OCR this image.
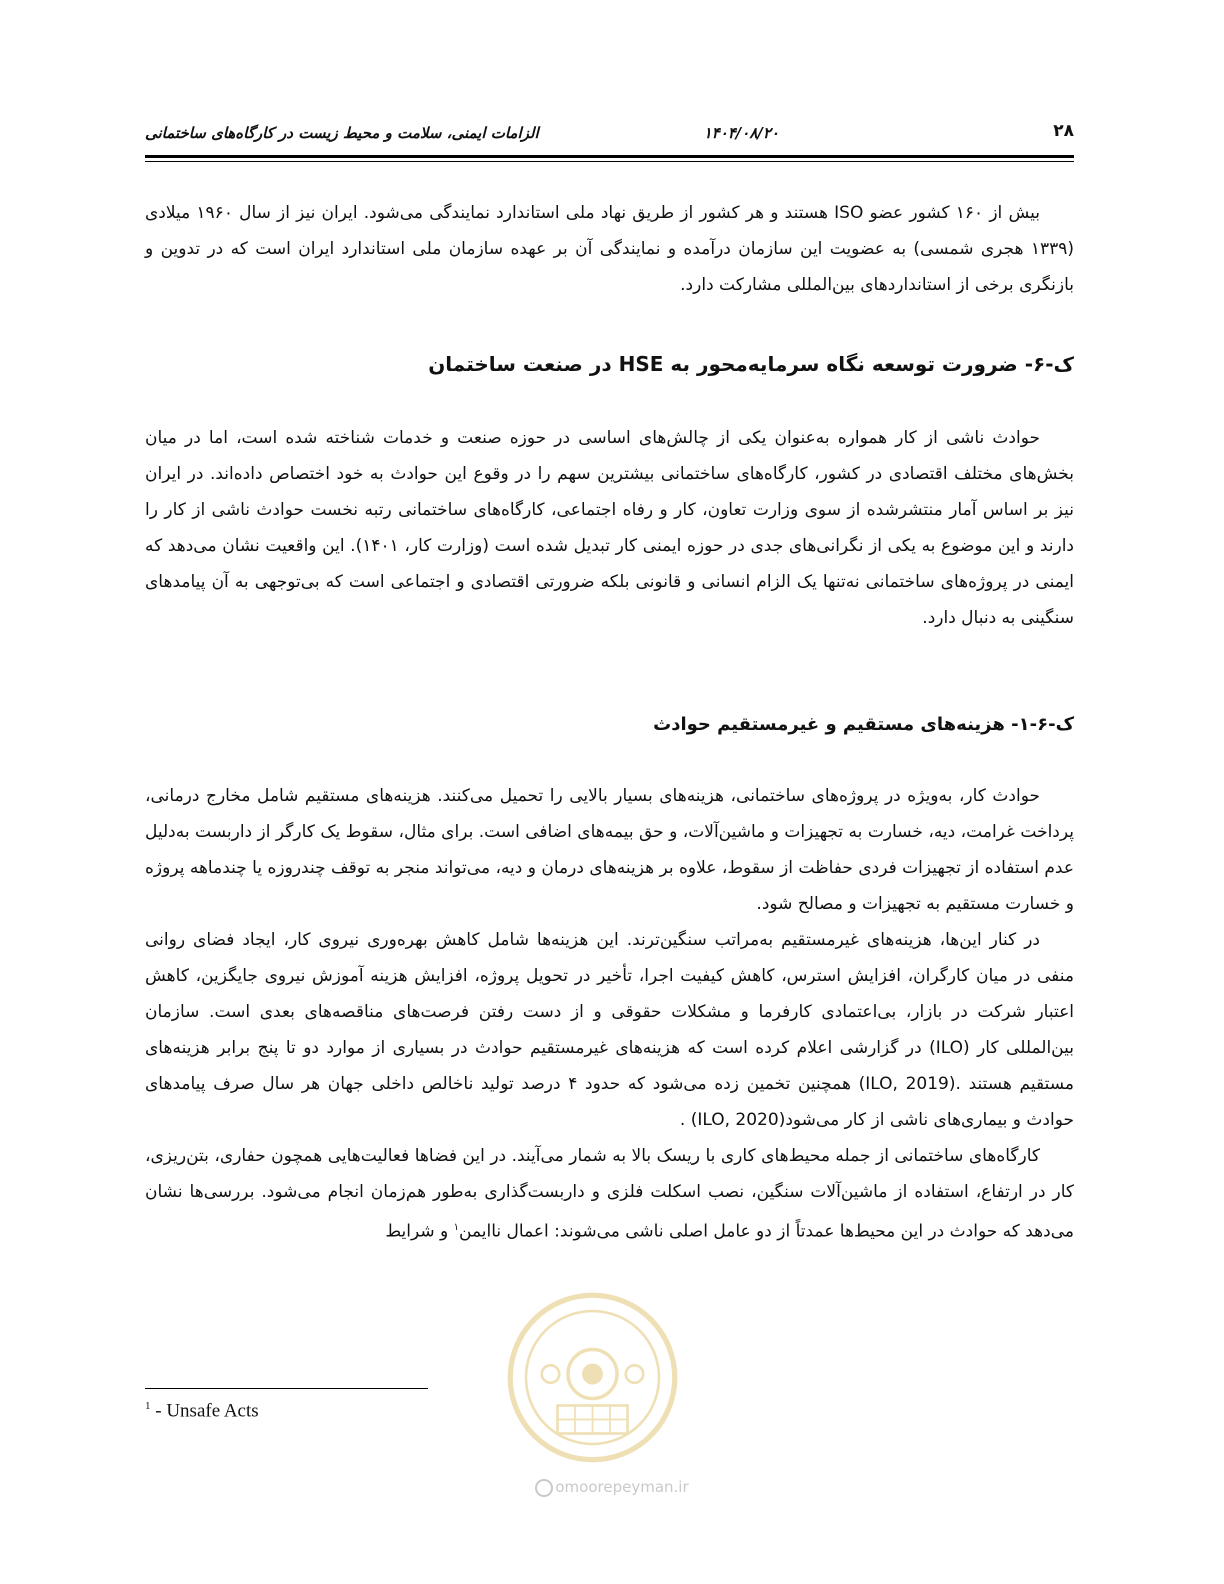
۲۸
۱۴۰۴/۰۸/۲۰
الزامات ایمنی، سلامت و محیط زیست در کارگاه‌های ساختمانی

بیش از ۱۶۰ کشور عضو ISO هستند و هر کشور از طریق نهاد ملی استاندارد نمایندگی می‌شود. ایران نیز از سال ۱۹۶۰ میلادی (۱۳۳۹ هجری شمسی) به عضویت این سازمان درآمده و نمایندگی آن بر عهده سازمان ملی استاندارد ایران است که در تدوین و بازنگری برخی از استانداردهای بین‌المللی مشارکت دارد.

ک-۶- ضرورت توسعه نگاه سرمایه‌محور به HSE در صنعت ساختمان

حوادث ناشی از کار همواره به‌عنوان یکی از چالش‌های اساسی در حوزه صنعت و خدمات شناخته شده است، اما در میان بخش‌های مختلف اقتصادی در کشور، کارگاه‌های ساختمانی بیشترین سهم را در وقوع این حوادث به خود اختصاص داده‌اند. در ایران نیز بر اساس آمار منتشرشده از سوی وزارت تعاون، کار و رفاه اجتماعی، کارگاه‌های ساختمانی رتبه نخست حوادث ناشی از کار را دارند و این موضوع به یکی از نگرانی‌های جدی در حوزه ایمنی کار تبدیل شده است (وزارت کار، ۱۴۰۱). این واقعیت نشان می‌دهد که ایمنی در پروژه‌های ساختمانی نه‌تنها یک الزام انسانی و قانونی بلکه ضرورتی اقتصادی و اجتماعی است که بی‌توجهی به آن پیامدهای سنگینی به دنبال دارد.

ک-۶-۱- هزینه‌های مستقیم و غیرمستقیم حوادث

حوادث کار، به‌ویژه در پروژه‌های ساختمانی، هزینه‌های بسیار بالایی را تحمیل می‌کنند. هزینه‌های مستقیم شامل مخارج درمانی، پرداخت غرامت، دیه، خسارت به تجهیزات و ماشین‌آلات، و حق بیمه‌های اضافی است. برای مثال، سقوط یک کارگر از داربست به‌دلیل عدم استفاده از تجهیزات فردی حفاظت از سقوط، علاوه بر هزینه‌های درمان و دیه، می‌تواند منجر به توقف چندروزه یا چندماهه پروژه و خسارت مستقیم به تجهیزات و مصالح شود.

در کنار این‌ها، هزینه‌های غیرمستقیم به‌مراتب سنگین‌ترند. این هزینه‌ها شامل کاهش بهره‌وری نیروی کار، ایجاد فضای روانی منفی در میان کارگران، افزایش استرس، کاهش کیفیت اجرا، تأخیر در تحویل پروژه، افزایش هزینه آموزش نیروی جایگزین، کاهش اعتبار شرکت در بازار، بی‌اعتمادی کارفرما و مشکلات حقوقی و از دست رفتن فرصت‌های مناقصه‌های بعدی است. سازمان بین‌المللی کار (ILO) در گزارشی اعلام کرده است که هزینه‌های غیرمستقیم حوادث در بسیاری از موارد دو تا پنج برابر هزینه‌های مستقیم هستند .(ILO, 2019) همچنین تخمین زده می‌شود که حدود ۴ درصد تولید ناخالص داخلی جهان هر سال صرف پیامدهای حوادث و بیماری‌های ناشی از کار می‌شود(ILO, 2020) .

کارگاه‌های ساختمانی از جمله محیط‌های کاری با ریسک بالا به شمار می‌آیند. در این فضاها فعالیت‌هایی همچون حفاری، بتن‌ریزی، کار در ارتفاع، استفاده از ماشین‌آلات سنگین، نصب اسکلت فلزی و داربست‌گذاری به‌طور هم‌زمان انجام می‌شود. بررسی‌ها نشان می‌دهد که حوادث در این محیط‌ها عمدتاً از دو عامل اصلی ناشی می‌شوند: اعمال ناایمن$^۱$ و شرایط

$^1$ - Unsafe Acts
omoorepeyman.ir
